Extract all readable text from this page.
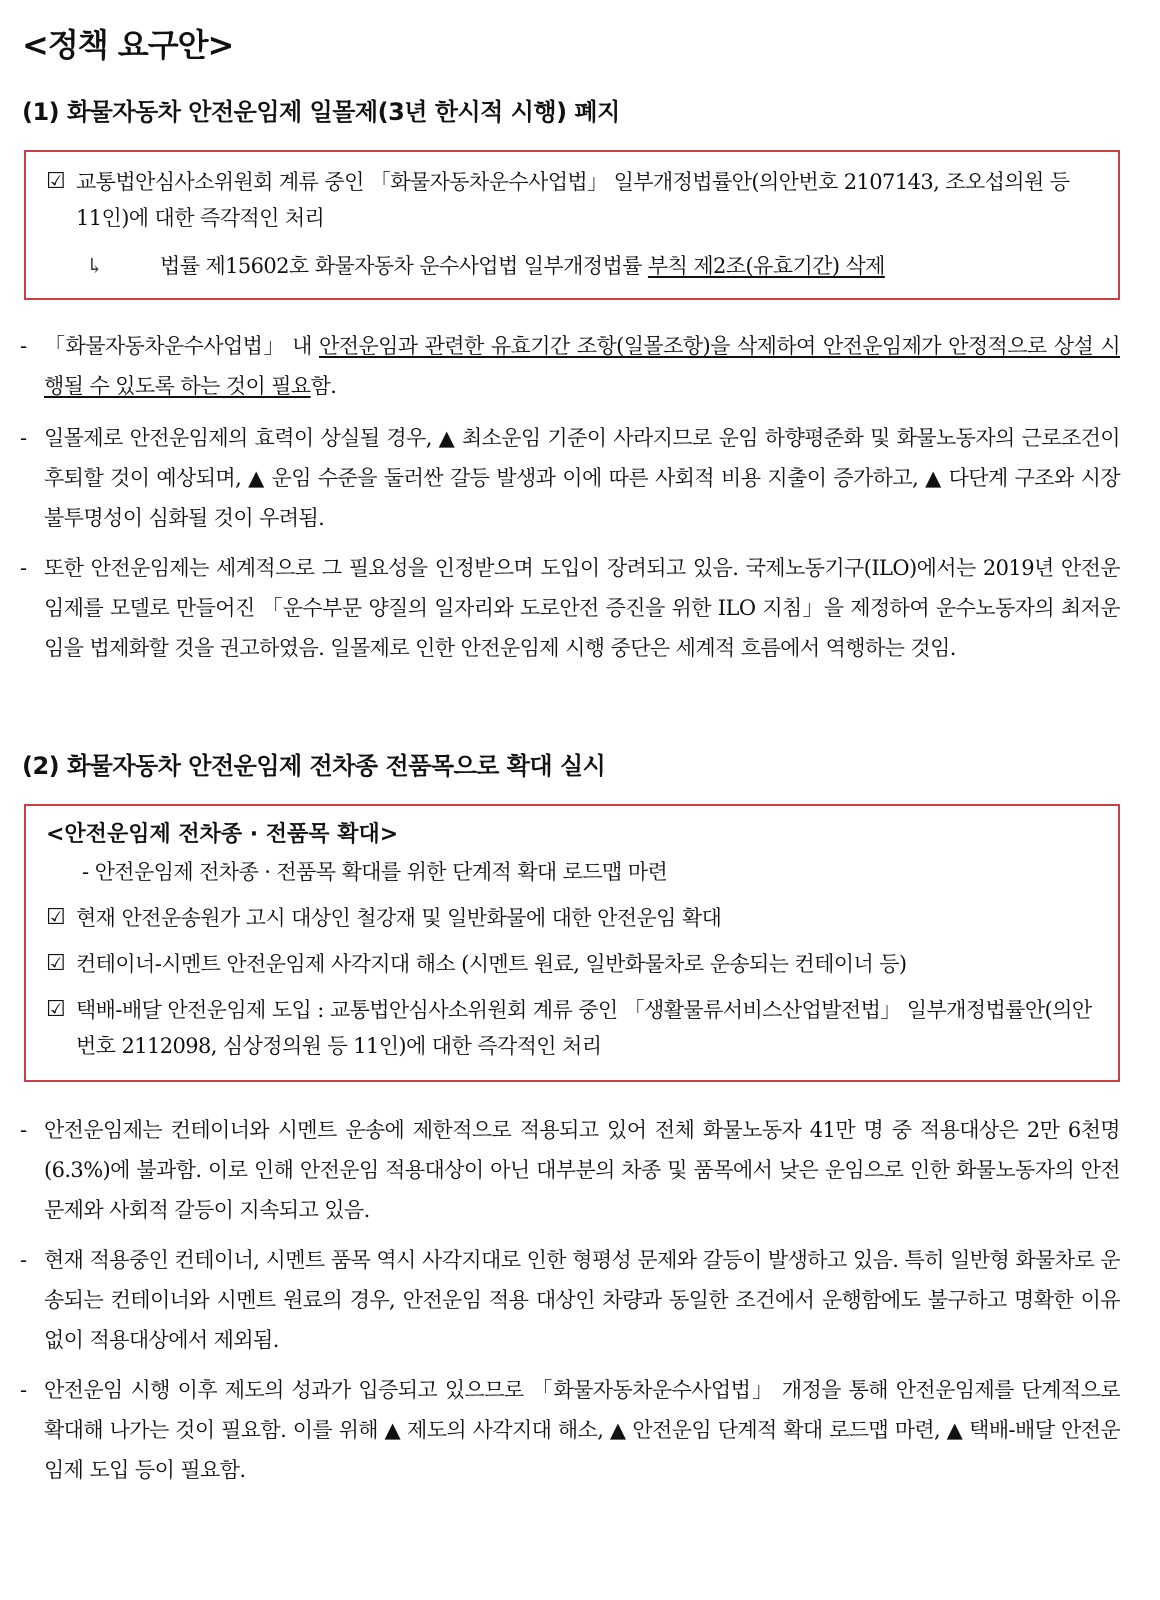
<정책 요구안>
(1) 화물자동차 안전운임제 일몰제(3년 한시적 시행) 폐지
☑ 교통법안심사소위원회 계류 중인 「화물자동차운수사업법」 일부개정법률안(의안번호 2107143, 조오섭의원 등 11인)에 대한 즉각적인 처리
↳	법률 제15602호 화물자동차 운수사업법 일부개정법률 부칙 제2조(유효기간) 삭제
- 「화물자동차운수사업법」 내 안전운임과 관련한 유효기간 조항(일몰조항)을 삭제하여 안전운임제가 안정적으로 상설 시행될 수 있도록 하는 것이 필요함.
- 일몰제로 안전운임제의 효력이 상실될 경우, ▲ 최소운임 기준이 사라지므로 운임 하향평준화 및 화물노동자의 근로조건이 후퇴할 것이 예상되며, ▲ 운임 수준을 둘러싼 갈등 발생과 이에 따른 사회적 비용 지출이 증가하고, ▲ 다단계 구조와 시장 불투명성이 심화될 것이 우려됨.
- 또한 안전운임제는 세계적으로 그 필요성을 인정받으며 도입이 장려되고 있음. 국제노동기구(ILO)에서는 2019년 안전운임제를 모델로 만들어진 「운수부문 양질의 일자리와 도로안전 증진을 위한 ILO 지침」을 제정하여 운수노동자의 최저운임을 법제화할 것을 권고하였음. 일몰제로 인한 안전운임제 시행 중단은 세계적 흐름에서 역행하는 것임.
(2) 화물자동차 안전운임제 전차종 전품목으로 확대 실시
<안전운임제 전차종 · 전품목 확대>
- 안전운임제 전차종 · 전품목 확대를 위한 단계적 확대 로드맵 마련
☑ 현재 안전운송원가 고시 대상인 철강재 및 일반화물에 대한 안전운임 확대
☑ 컨테이너-시멘트 안전운임제 사각지대 해소 (시멘트 원료, 일반화물차로 운송되는 컨테이너 등)
☑ 택배-배달 안전운임제 도입 : 교통법안심사소위원회 계류 중인 「생활물류서비스산업발전법」 일부개정법률안(의안번호 2112098, 심상정의원 등 11인)에 대한 즉각적인 처리
- 안전운임제는 컨테이너와 시멘트 운송에 제한적으로 적용되고 있어 전체 화물노동자 41만 명 중 적용대상은 2만 6천명(6.3%)에 불과함. 이로 인해 안전운임 적용대상이 아닌 대부분의 차종 및 품목에서 낮은 운임으로 인한 화물노동자의 안전 문제와 사회적 갈등이 지속되고 있음.
- 현재 적용중인 컨테이너, 시멘트 품목 역시 사각지대로 인한 형평성 문제와 갈등이 발생하고 있음. 특히 일반형 화물차로 운송되는 컨테이너와 시멘트 원료의 경우, 안전운임 적용 대상인 차량과 동일한 조건에서 운행함에도 불구하고 명확한 이유 없이 적용대상에서 제외됨.
- 안전운임 시행 이후 제도의 성과가 입증되고 있으므로 「화물자동차운수사업법」 개정을 통해 안전운임제를 단계적으로 확대해 나가는 것이 필요함. 이를 위해 ▲ 제도의 사각지대 해소, ▲ 안전운임 단계적 확대 로드맵 마련, ▲ 택배-배달 안전운임제 도입 등이 필요함.
